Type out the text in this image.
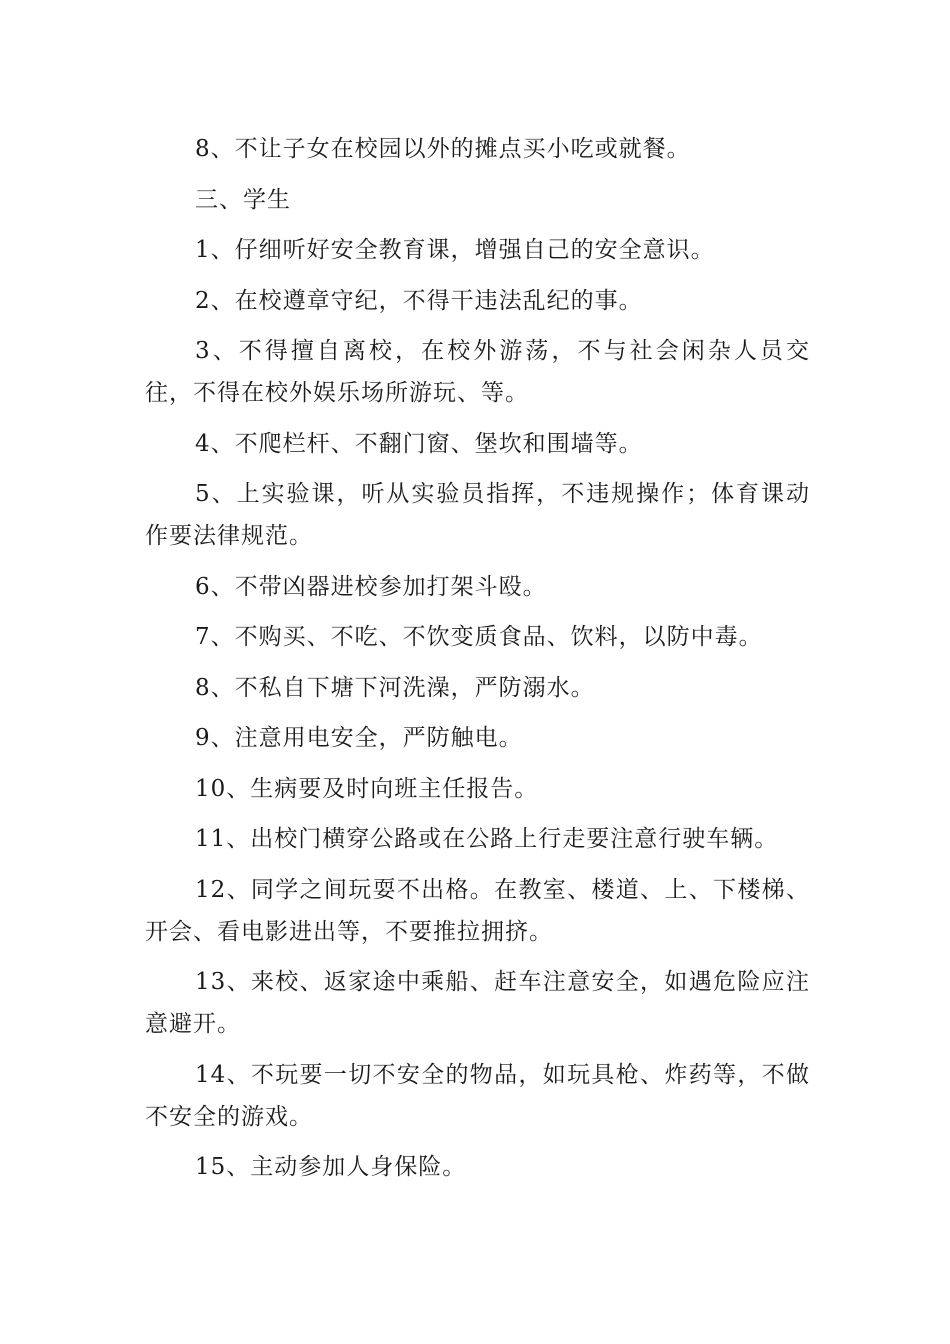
8、不让子女在校园以外的摊点买小吃或就餐。

三、学生

1、仔细听好安全教育课，增强自己的安全意识。

2、在校遵章守纪，不得干违法乱纪的事。

3、不得擅自离校，在校外游荡，不与社会闲杂人员交往，不得在校外娱乐场所游玩、等。

4、不爬栏杆、不翻门窗、堡坎和围墙等。

5、上实验课，听从实验员指挥，不违规操作；体育课动作要法律规范。

6、不带凶器进校参加打架斗殴。

7、不购买、不吃、不饮变质食品、饮料，以防中毒。

8、不私自下塘下河洗澡，严防溺水。

9、注意用电安全，严防触电。

10、生病要及时向班主任报告。

11、出校门横穿公路或在公路上行走要注意行驶车辆。

12、同学之间玩耍不出格。在教室、楼道、上、下楼梯、开会、看电影进出等，不要推拉拥挤。

13、来校、返家途中乘船、赶车注意安全，如遇危险应注意避开。

14、不玩要一切不安全的物品，如玩具枪、炸药等，不做不安全的游戏。

15、主动参加人身保险。
